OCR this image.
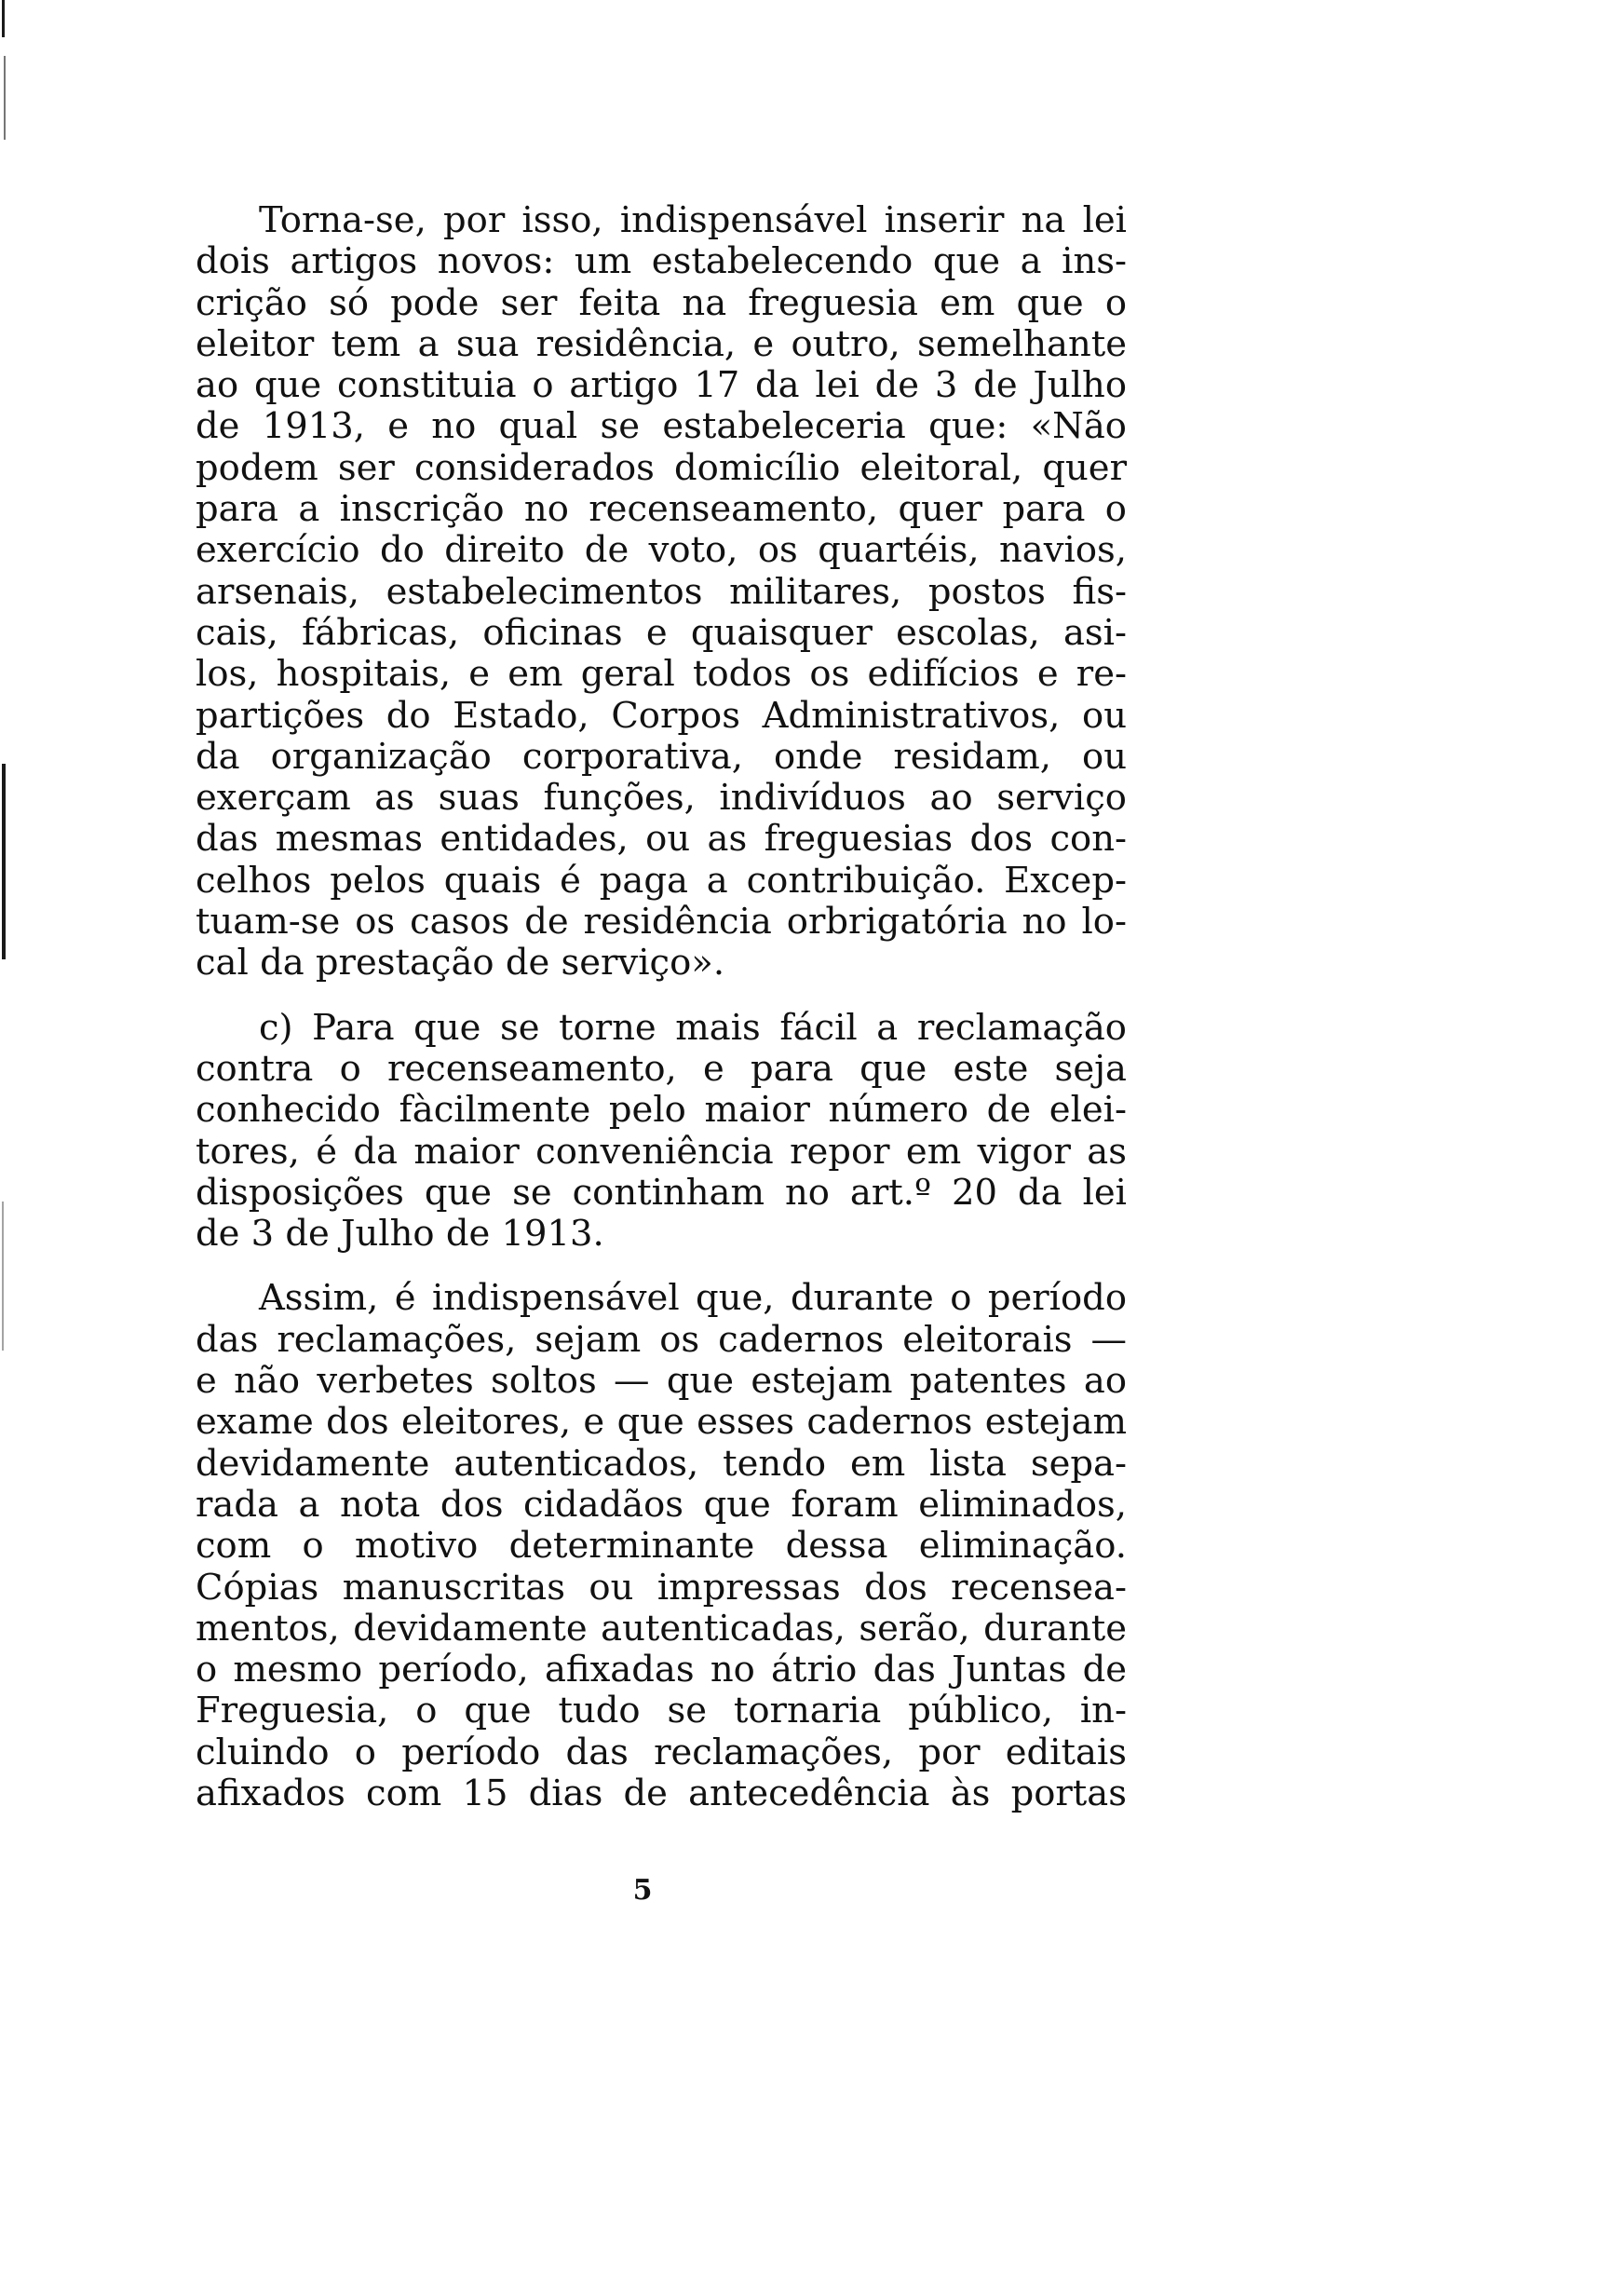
Torna-se, por isso, indispensável inserir na lei
dois artigos novos: um estabelecendo que a ins-
crição só pode ser feita na freguesia em que o
eleitor tem a sua residência, e outro, semelhante
ao que constituia o artigo 17 da lei de 3 de Julho
de 1913, e no qual se estabeleceria que: «Não
podem ser considerados domicílio eleitoral, quer
para a inscrição no recenseamento, quer para o
exercício do direito de voto, os quartéis, navios,
arsenais, estabelecimentos militares, postos fis-
cais, fábricas, oficinas e quaisquer escolas, asi-
los, hospitais, e em geral todos os edifícios e re-
partições do Estado, Corpos Administrativos, ou
da organização corporativa, onde residam, ou
exerçam as suas funções, indivíduos ao serviço
das mesmas entidades, ou as freguesias dos con-
celhos pelos quais é paga a contribuição. Excep-
tuam-se os casos de residência orbrigatória no lo-
cal da prestação de serviço».
c) Para que se torne mais fácil a reclamação
contra o recenseamento, e para que este seja
conhecido fàcilmente pelo maior número de elei-
tores, é da maior conveniência repor em vigor as
disposições que se continham no art.º 20 da lei
de 3 de Julho de 1913.
Assim, é indispensável que, durante o período
das reclamações, sejam os cadernos eleitorais —
e não verbetes soltos — que estejam patentes ao
exame dos eleitores, e que esses cadernos estejam
devidamente autenticados, tendo em lista sepa-
rada a nota dos cidadãos que foram eliminados,
com o motivo determinante dessa eliminação.
Cópias manuscritas ou impressas dos recensea-
mentos, devidamente autenticadas, serão, durante
o mesmo período, afixadas no átrio das Juntas de
Freguesia, o que tudo se tornaria público, in-
cluindo o período das reclamações, por editais
afixados com 15 dias de antecedência às portas
5
